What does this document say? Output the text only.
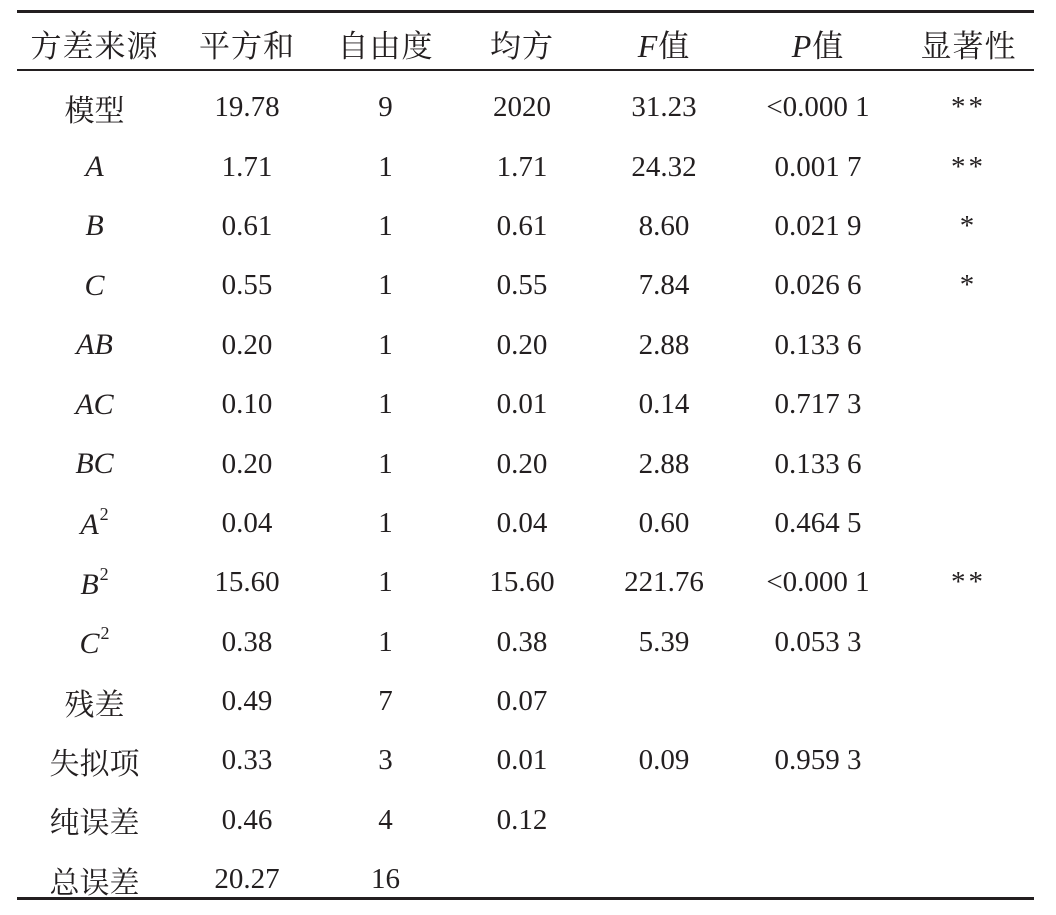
方差来源	平方和	自由度	均方	F值	P值	显著性
模型	19.78	9	2020	31.23	<0.000 1	**
A	1.71	1	1.71	24.32	0.001 7	**
B	0.61	1	0.61	8.60	0.021 9	*
C	0.55	1	0.55	7.84	0.026 6	*
AB	0.20	1	0.20	2.88	0.133 6	
AC	0.10	1	0.01	0.14	0.717 3	
BC	0.20	1	0.20	2.88	0.133 6	
$A^2$	0.04	1	0.04	0.60	0.464 5	
$B^2$	15.60	1	15.60	221.76	<0.000 1	**
$C^2$	0.38	1	0.38	5.39	0.053 3	
残差	0.49	7	0.07			
失拟项	0.33	3	0.01	0.09	0.959 3	
纯误差	0.46	4	0.12			
总误差	20.27	16				
